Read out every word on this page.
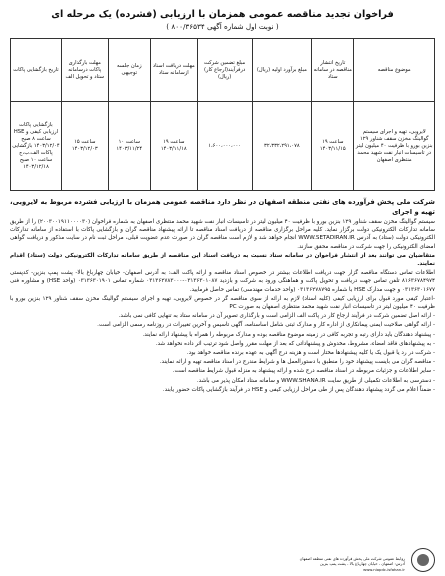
فراخوان تجدید مناقصه عمومی همزمان با ارزیابی (فشرده) یک مرحله ای
( نوبت اول شماره آگهی ۸۰۰/۳۶۵۳۴ )
موضوع مناقصه	تاریخ انتشار مناقصه در سامانه ستاد	مبلغ برآورد اولیه (ریال)	مبلغ تضمین شرکت درفرآیند(ارجاع کار)(ریال)	مهلت دریافت اسناد ازسامانه ستاد	زمان جلسه توجیهی	مهلت بارگذاری پاکات درسامانه ستاد و تحویل الف	تاریخ بازگشایی پاکات
لایروبی، تهیه و اجرای سیستم گوالینگ مخزن سقف شناور ۱۲۹ بنزین بورو با ظرفیت ۴۰ میلیون لیتر در تاسیسات انبار نفت شهید محمد منتظری اصفهان	ساعت ۱۹ ۱۴۰۳/۱۱/۱۵	۳۲،۳۳۲،۲۹۱،۰۷۸	۱،۶۰۰،۰۰۰،۰۰۰	ساعت ۱۹ ۱۴۰۳/۱۱/۱۸	ساعت ۱۰ ۱۴۰۳/۱۱/۲۴	ساعت ۱۵ ۱۴۰۳/۱۲/۰۳	بازگشایی پاکات ارزیابی کیفی و HSE ساعت ۸ صبح ۱۴۰۳/۱۲/۰۴ بازگشایی پاکات الف،ب،ج ساعت ۱۰ صبح ۱۴۰۳/۱۲/۱۸
شرکت ملی پخش فرآورده های نفتی منطقه اصفهان در نظر دارد مناقصه عمومی همزمان با ارزیابی فشرده مربوط به لایروبی، تهیه و اجرای

سیستم گوالینگ مخزن سقف شناور ۱۲۹ بنزین بورو با ظرفیت ۴۰ میلیون لیتر در تاسیسات انبار نفت شهید محمد منتظری اصفهان به شماره فراخوان (۲۰۰۳۰۰۱۹۱۱۰۰۰۰۳۰) را از طریق سامانه تدارکات الکترونیکی دولت برگزار نماید. کلیه مراحل برگزاری مناقصه از دریافت اسناد مناقصه تا ارائه پیشنهاد مناقصه گران و بازگشایی پاکات با استفاده از سامانه تدارکات الکترونیکی دولت (ستاد) به آدرس WWW.SETADIRAN.IR انجام خواهد شد و لازم است مناقصه گران در صورت عدم عضویت قبلی، مراحل ثبت نام در سایت مذکور و دریافت گواهی امضای الکترونیکی را جهت شرکت در مناقصه محقق سازند.

متقاضیان می توانند بعد از انتشار فراخوان در سامانه ستاد نسبت به دریافت اسناد این مناقصه از طریق سامانه تدارکات الکترونیکی دولت (ستاد) اقدام نمایند.

اطلاعات تماس دستگاه مناقصه گزار جهت دریافت اطلاعات بیشتر در خصوص اسناد مناقصه و ارائه پاکت الف: به آدرس اصفهان- خیابان چهارباغ بالا- پشت پمپ بنزین- کدپستی ۸۱۶۳۶۷۸۴۹۷۴ تلفن تماس جهت دریافت و تحویل پاکت و هماهنگی ورود به شرکت و بازدید ۰۳۱۳۶۳۰۱۰۸۷-۰۳۱۳۶۲۷۸۳۰۰۰ شماره تماس ۰۳۱۳۶۳۰۱۹۰۱ (واحد HSE) و مشاوره فنی ۰۳۱۳۶۳۰۱۶۷۷ و جهت مدارک HSE با شماره ۰۳۱۳۶۲۷۸۷۹۵ (واحد خدمات مهندسی) تماس حاصل فرمایید.

-اعتبار کیفی مورد قبول برای ارزیابی کیفی (کلیه اسناد) لازم به ارائه از سوی مناقصه گر در خصوص لایروبی، تهیه و اجرای سیستم گوالینگ مخزن سقف شناور ۱۲۹ بنزین بورو با ظرفیت ۴۰ میلیون لیتر در تاسیسات انبار نفت شهید محمد منتظری اصفهان به صورت PC

- ارائه اصل تضمین شرکت در فرآیند ارجاع کار در پاکت الف الزامی است و بارگذاری تصویر آن در سامانه ستاد به تنهایی کافی نمی باشد.

- ارائه گواهی صلاحیت ایمنی پیمانکاری از اداره کار و مدارک ثبتی شامل اساسنامه، آگهی تاسیس و آخرین تغییرات در روزنامه رسمی الزامی است.

- پیشنهاد دهندگان باید دارای رتبه و تجربه کافی در زمینه موضوع مناقصه بوده و مدارک مربوطه را همراه با پیشنهاد ارائه نمایند.

- به پیشنهادهای فاقد امضاء، مشروط، مخدوش و پیشنهاداتی که بعد از مهلت مقرر واصل شود ترتیب اثر داده نخواهد شد.

- شرکت در رد یا قبول یک یا کلیه پیشنهادها مختار است و هزینه درج آگهی به عهده برنده مناقصه خواهد بود.

- مناقصه گران می بایست پیشنهاد خود را منطبق با دستورالعمل ها و شرایط مندرج در اسناد مناقصه تهیه و ارائه نمایند.

- سایر اطلاعات و جزئیات مربوطه در اسناد مناقصه درج شده و ارائه پیشنهاد به منزله قبول شرایط مناقصه است.

- دسترسی به اطلاعات تکمیلی از طریق سایت WWW.SHANA.IR و سامانه ستاد امکان پذیر می باشد.

- ضمناً اعلام می گردد پیشنهاد دهندگان پس از طی مراحل ارزیابی کیفی و HSE در فرآیند بازگشایی پاکات حضور یابند.

روابط عمومی شرکت ملی پخش فرآورده های نفتی منطقه اصفهان
آدرس: اصفهان - خیابان چهارباغ بالا - پشت پمپ بنزین
www.niopdc-isfahan.ir
